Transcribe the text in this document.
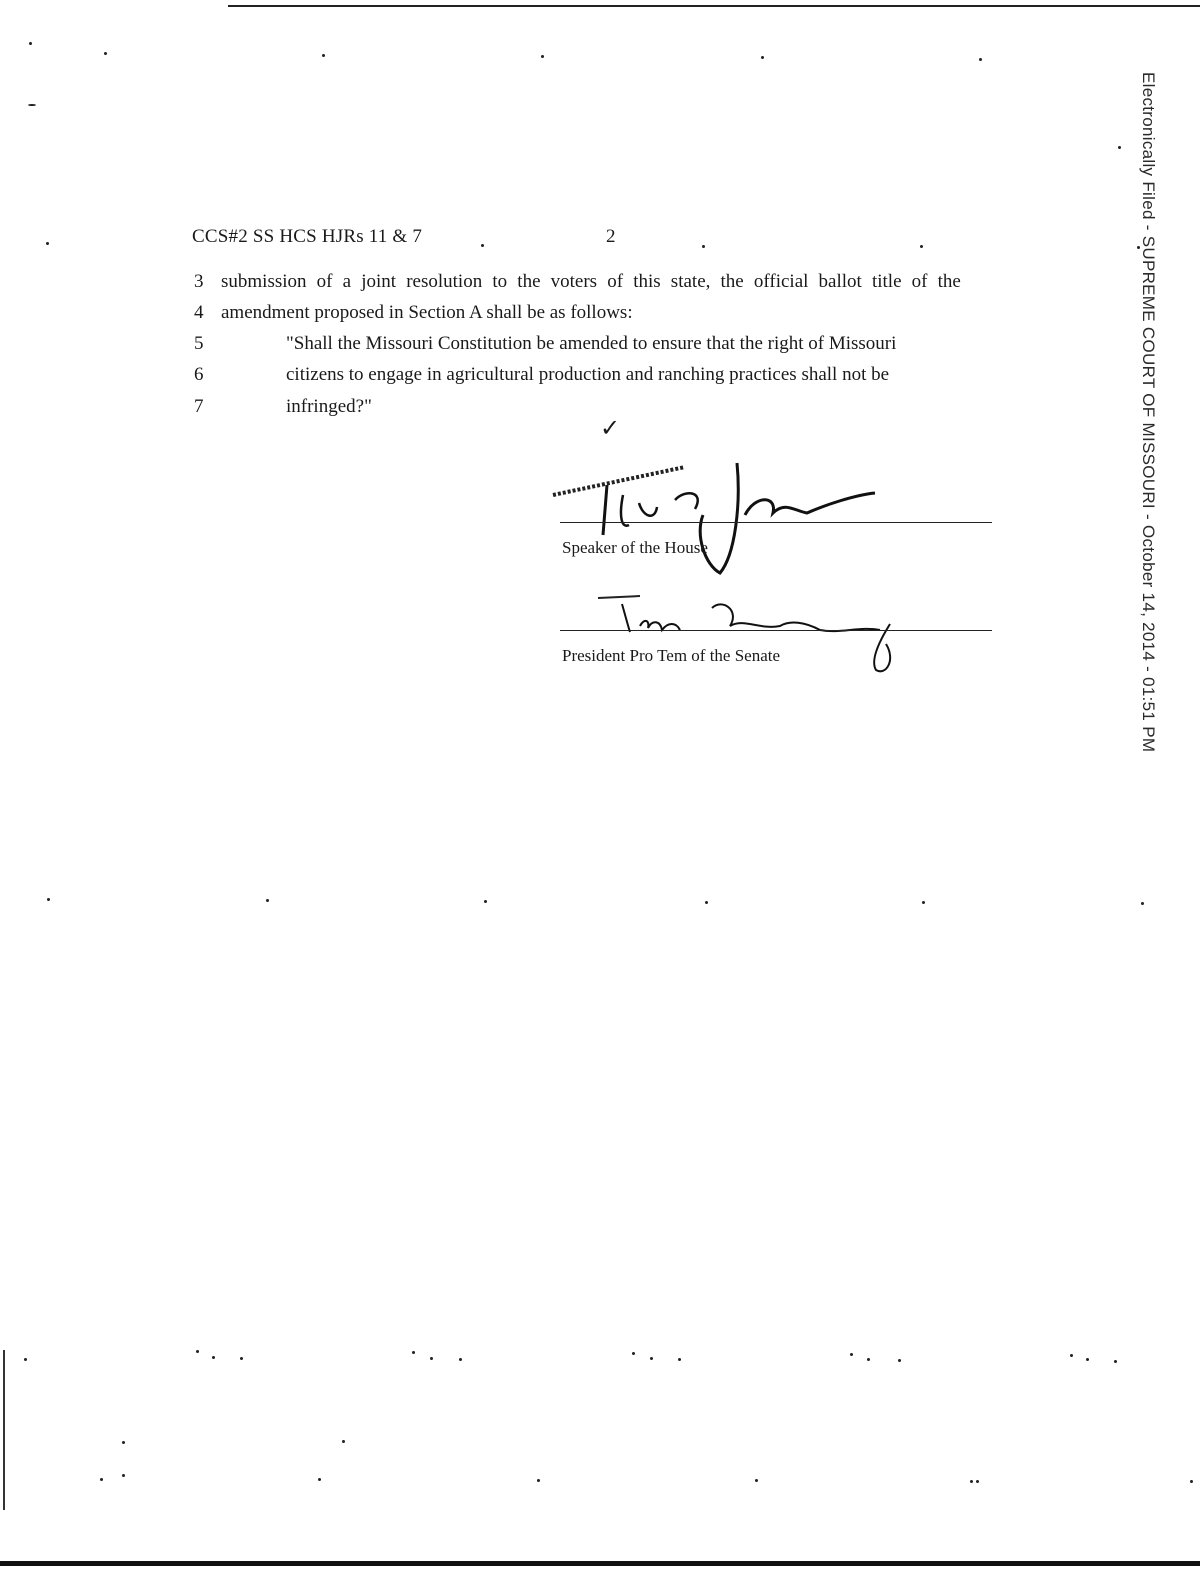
CCS#2 SS HCS HJRs 11 & 7	2
3 submission of a joint resolution to the voters of this state, the official ballot title of the
4 amendment proposed in Section A shall be as follows:
5	"Shall the Missouri Constitution be amended to ensure that the right of Missouri
6	citizens to engage in agricultural production and ranching practices shall not be
7	infringed?"
✓
Speaker of the House
President Pro Tem of the Senate	Electronically Filed - SUPREME COURT OF MISSOURI - October 14, 2014 - 01:51 PM
